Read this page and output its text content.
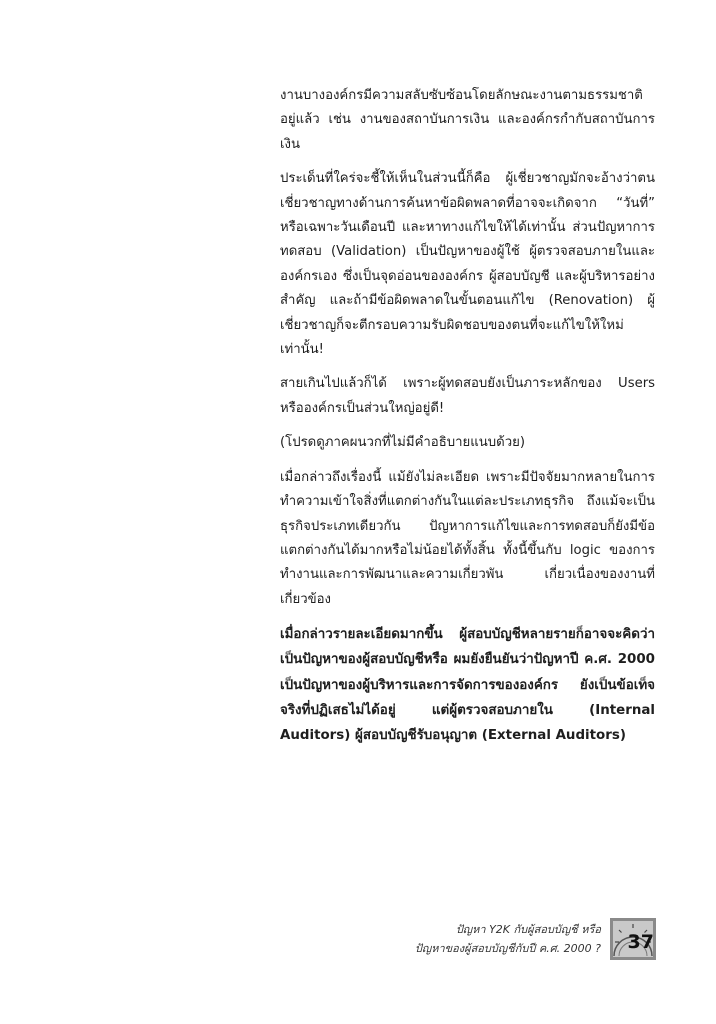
งานบางองค์กรมีความสลับซับซ้อนโดยลักษณะงานตามธรรมชาติอยู่แล้ว เช่น งานของสถาบันการเงิน และองค์กรกำกับสถาบันการเงิน

ประเด็นที่ใคร่จะชี้ให้เห็นในส่วนนี้ก็คือ ผู้เชี่ยวชาญมักจะอ้างว่าตนเชี่ยวชาญทางด้านการค้นหาข้อผิดพลาดที่อาจจะเกิดจาก “วันที่” หรือเฉพาะวันเดือนปี และหาทางแก้ไขให้ได้เท่านั้น ส่วนปัญหาการทดสอบ (Validation) เป็นปัญหาของผู้ใช้ ผู้ตรวจสอบภายในและองค์กรเอง ซึ่งเป็นจุดอ่อนขององค์กร ผู้สอบบัญชี และผู้บริหารอย่างสำคัญ และถ้ามีข้อผิดพลาดในขั้นตอนแก้ไข (Renovation) ผู้เชี่ยวชาญก็จะตีกรอบความรับผิดชอบของตนที่จะแก้ไขให้ใหม่เท่านั้น!

สายเกินไปแล้วก็ได้ เพราะผู้ทดสอบยังเป็นภาระหลักของ Users หรือองค์กรเป็นส่วนใหญ่อยู่ดี!

(โปรดดูภาคผนวกที่ไม่มีคำอธิบายแนบด้วย)

เมื่อกล่าวถึงเรื่องนี้ แม้ยังไม่ละเอียด เพราะมีปัจจัยมากหลายในการทำความเข้าใจสิ่งที่แตกต่างกันในแต่ละประเภทธุรกิจ ถึงแม้จะเป็นธุรกิจประเภทเดียวกัน ปัญหาการแก้ไขและการทดสอบก็ยังมีข้อแตกต่างกันได้มากหรือไม่น้อยได้ทั้งสิ้น ทั้งนี้ขึ้นกับ logic ของการทำงานและการพัฒนาและความเกี่ยวพัน เกี่ยวเนื่องของงานที่เกี่ยวข้อง

เมื่อกล่าวรายละเอียดมากขึ้น ผู้สอบบัญชีหลายรายก็อาจจะคิดว่าเป็นปัญหาของผู้สอบบัญชีหรือ ผมยังยืนยันว่าปัญหาปี ค.ศ. 2000 เป็นปัญหาของผู้บริหารและการจัดการขององค์กร ยังเป็นข้อเท็จจริงที่ปฏิเสธไม่ได้อยู่ แต่ผู้ตรวจสอบภายใน (Internal Auditors) ผู้สอบบัญชีรับอนุญาต (External Auditors)

ปัญหา Y2K กับผู้สอบบัญชี หรือ
ปัญหาของผู้สอบบัญชีกับปี ค.ศ. 2000 ? 37
